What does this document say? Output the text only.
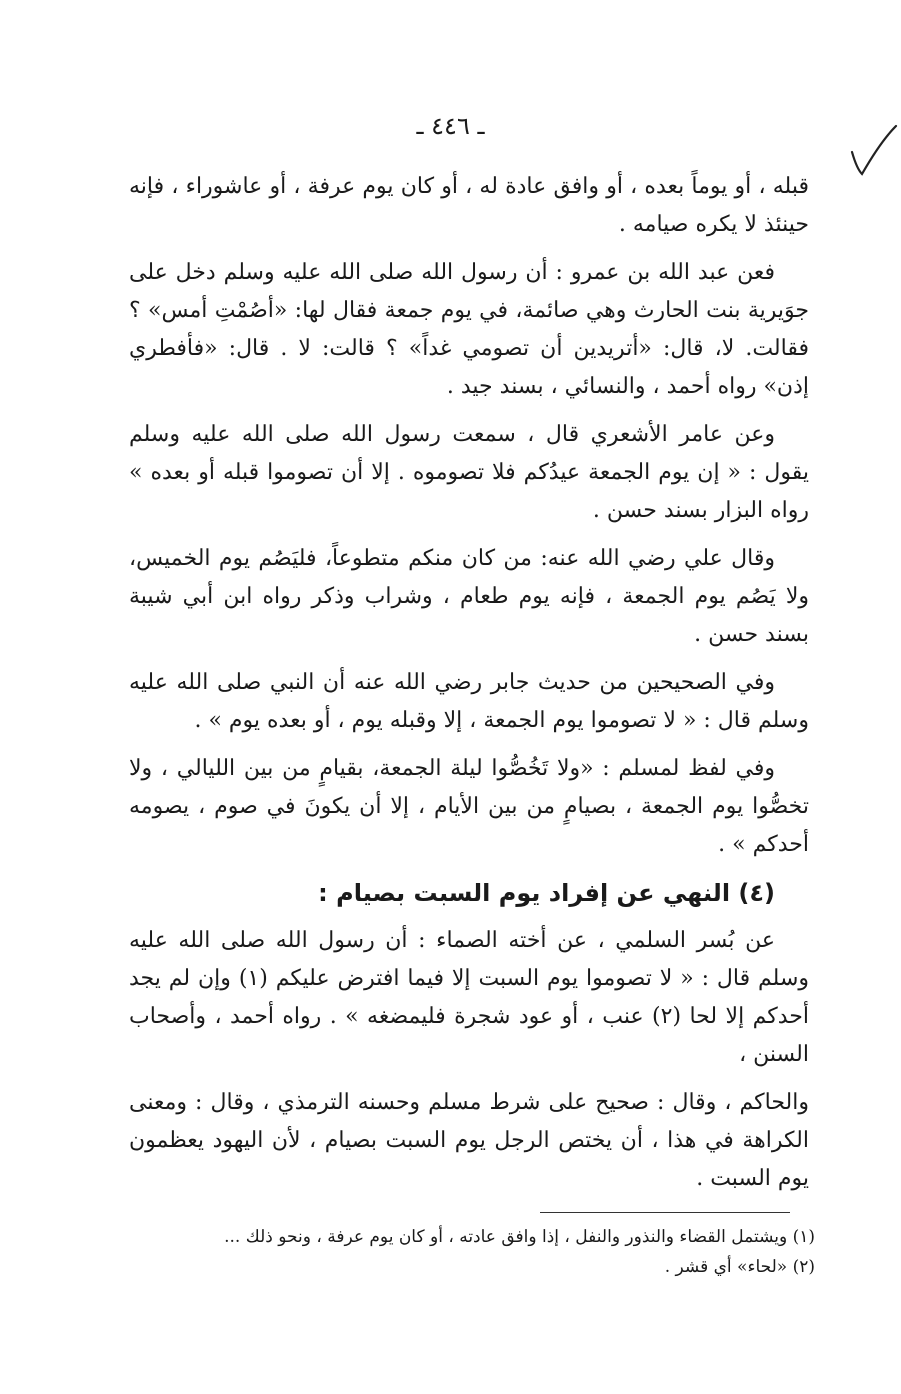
ـ ٤٤٦ ـ

قبله ، أو يوماً بعده ، أو وافق عادة له ، أو كان يوم عرفة ، أو عاشوراء ، فإنه حينئذ لا يكره صيامه .

فعن عبد الله بن عمرو : أن رسول الله صلى الله عليه وسلم دخل على جوَيرية بنت الحارث وهي صائمة، في يوم جمعة فقال لها: «أصُمْتِ أمس» ؟ فقالت. لا، قال: «أتريدين أن تصومي غداً» ؟ قالت: لا . قال: «فأفطري إذن» رواه أحمد ، والنسائي ، بسند جيد .

وعن عامر الأشعري قال ، سمعت رسول الله صلى الله عليه وسلم يقول : « إن يوم الجمعة عيدُكم فلا تصوموه . إلا أن تصوموا قبله أو بعده » رواه البزار بسند حسن .

وقال علي رضي الله عنه: من كان منكم متطوعاً، فليَصُم يوم الخميس، ولا يَصُم يوم الجمعة ، فإنه يوم طعام ، وشراب وذكر رواه ابن أبي شيبة بسند حسن .

وفي الصحيحين من حديث جابر رضي الله عنه أن النبي صلى الله عليه وسلم قال : « لا تصوموا يوم الجمعة ، إلا وقبله يوم ، أو بعده يوم » .

وفي لفظ لمسلم : «ولا تَخُصُّوا ليلة الجمعة، بقيامٍ من بين الليالي ، ولا تخصُّوا يوم الجمعة ، بصيامٍ من بين الأيام ، إلا أن يكونَ في صوم ، يصومه أحدكم » .

(٤) النهي عن إفراد يوم السبت بصيام :

عن بُسر السلمي ، عن أخته الصماء : أن رسول الله صلى الله عليه وسلم قال : « لا تصوموا يوم السبت إلا فيما افترض عليكم (١) وإن لم يجد أحدكم إلا لحا (٢) عنب ، أو عود شجرة فليمضغه » . رواه أحمد ، وأصحاب السنن ،

والحاكم ، وقال : صحيح على شرط مسلم وحسنه الترمذي ، وقال : ومعنى الكراهة في هذا ، أن يختص الرجل يوم السبت بصيام ، لأن اليهود يعظمون يوم السبت .

(١) ويشتمل القضاء والنذور والنفل ، إذا وافق عادته ، أو كان يوم عرفة ، ونحو ذلك ...
(٢) «لحاء» أي قشر .
